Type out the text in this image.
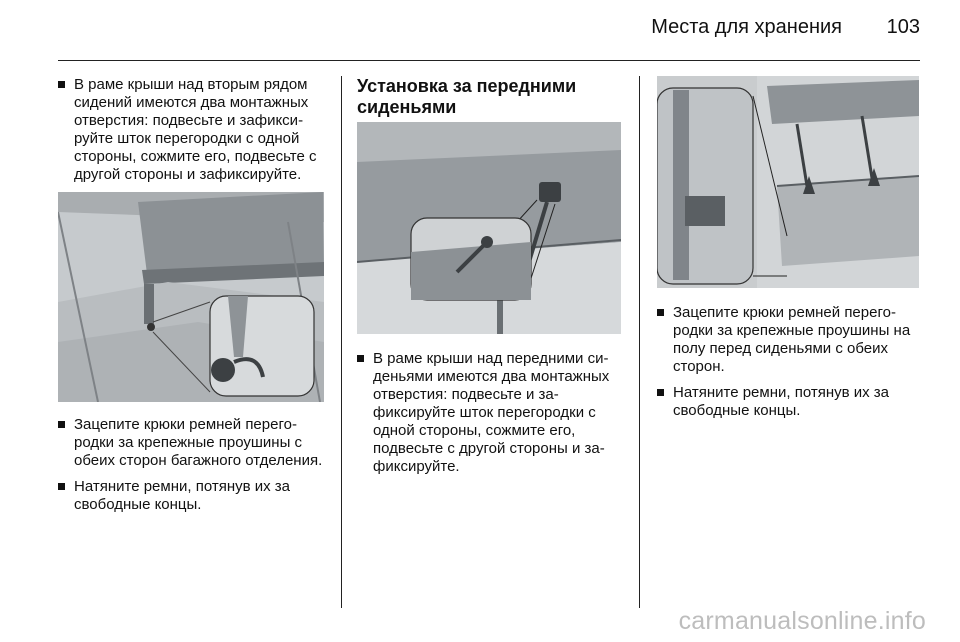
Места для хранения 103
В раме крыши над вторым рядом сидений имеются два монтажных отверстия: подвесьте и зафиксируйте шток перегородки с одной стороны, сожмите его, подвесьте с другой стороны и зафиксируйте.
Зацепите крюки ремней перегородки за крепежные проушины с обеих сторон багажного отделения.
Натяните ремни, потянув их за свободные концы.
Установка за передними сиденьями
В раме крыши над передними сиденьями имеются два монтажных отверстия: подвесьте и зафиксируйте шток перегородки с одной стороны, сожмите его, подвесьте с другой стороны и зафиксируйте.
Зацепите крюки ремней перегородки за крепежные проушины на полу перед сиденьями с обеих сторон.
Натяните ремни, потянув их за свободные концы.
carmanualsonline.info
